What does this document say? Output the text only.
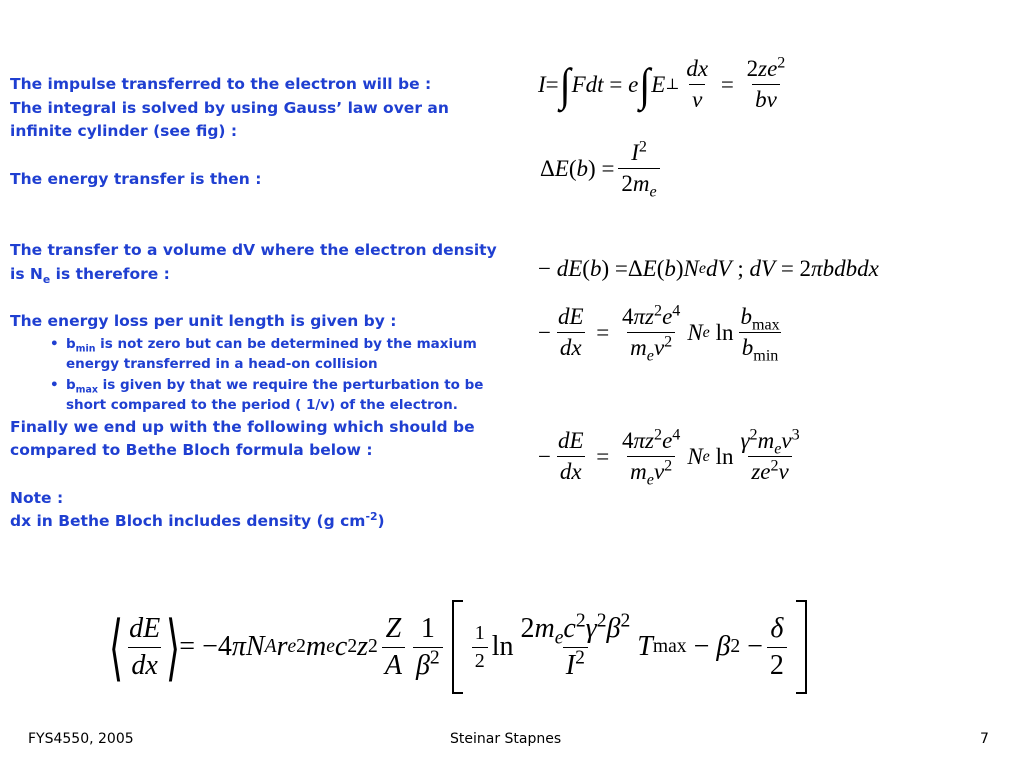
The impulse transferred to the electron will be :

The integral is solved by using Gauss’ law over an infinite cylinder (see fig) :

The energy transfer is then :

The transfer to a volume dV where the electron density is $N_e$ is therefore :

The energy loss per unit length is given by :

• $b_{min}$ is not zero but can be determined by the maxium energy transferred in a head-on collision
• $b_{max}$ is given by that we require the perturbation to be short compared to the period ( 1/v) of the electron.

Finally we end up with the following which should be compared to Bethe Bloch formula below :

Note :

dx in Bethe Bloch includes density (g $cm^{-2}$)

I = ∫ Fdt = e ∫ E ⊥ $\frac{dx}{v} = \frac{2ze^2}{bv}$
Δ E ( b ) = $\frac{I^2}{2m_e}$
− dE ( b ) =Δ E ( b ) N e dV ; dV = 2 πbdbdx
− $\frac{dE}{dx} = \frac{4\pi z^2e^4}{m_ev^2}$ N e $\ln \frac{b_{max}}{b_{min}}$
− $\frac{dE}{dx} = \frac{4\pi z^2e^4}{m_ev^2}$ N e $\ln \frac{\gamma^2m_ev^3}{ze^2\nu}$
⟨ $\frac{dE}{dx}$ ⟩ = −4 πN A r e 2 m e c 2 z $2 \frac{Z}{A} \frac{1}{\beta^2} \frac{1}{2}$ $\ln \frac{2m_ec^2\gamma^2\beta^2}{I^2}$ T max − β $2 - \frac{\delta}{2}$
FYS4550, 2005	Steinar Stapnes	7
